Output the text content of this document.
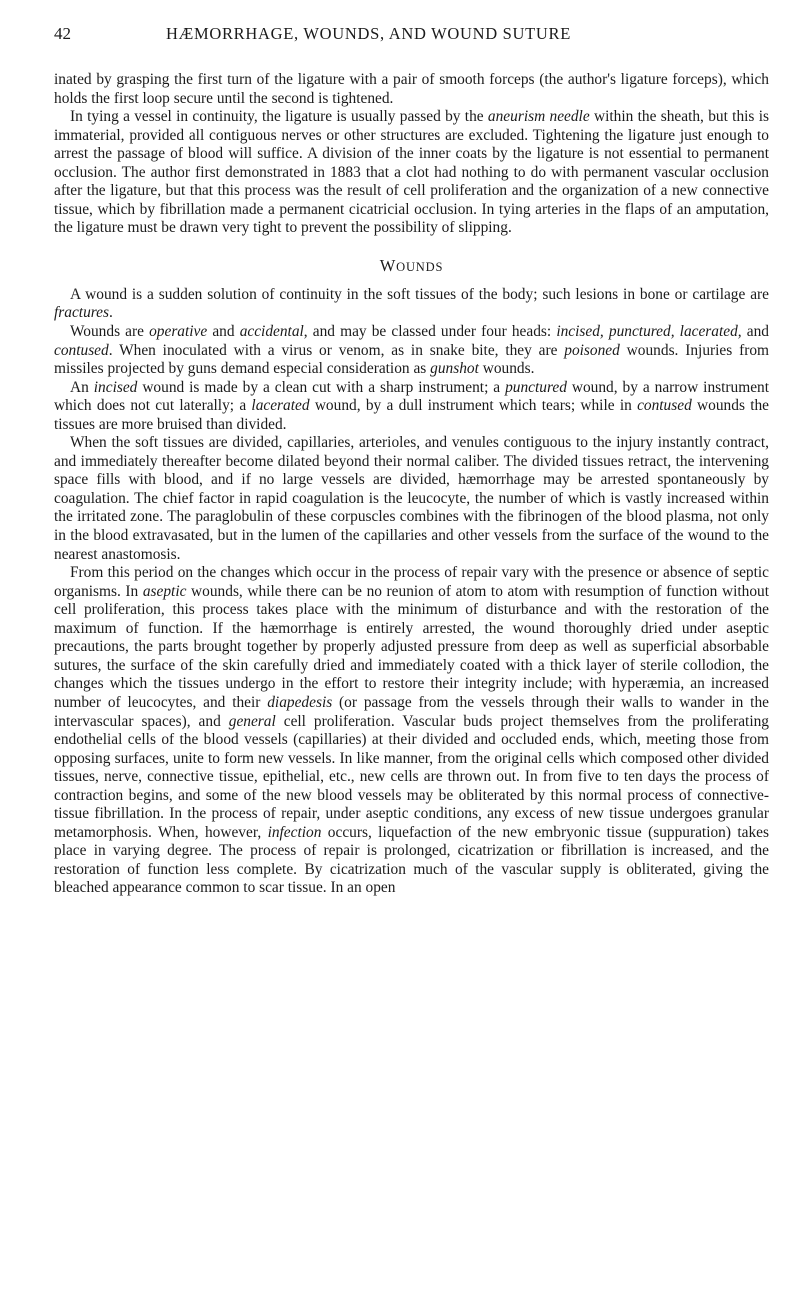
42	HÆMORRHAGE, WOUNDS, AND WOUND SUTURE

inated by grasping the first turn of the ligature with a pair of smooth forceps (the author's ligature forceps), which holds the first loop secure until the second is tightened.

In tying a vessel in continuity, the ligature is usually passed by the aneurism needle within the sheath, but this is immaterial, provided all contiguous nerves or other structures are excluded. Tightening the ligature just enough to arrest the passage of blood will suffice. A division of the inner coats by the ligature is not essential to permanent occlusion. The author first demonstrated in 1883 that a clot had nothing to do with permanent vascular occlusion after the ligature, but that this process was the result of cell proliferation and the organization of a new connective tissue, which by fibrillation made a permanent cicatricial occlusion. In tying arteries in the flaps of an amputation, the ligature must be drawn very tight to prevent the possibility of slipping.

WOUNDS

A wound is a sudden solution of continuity in the soft tissues of the body; such lesions in bone or cartilage are fractures.

Wounds are operative and accidental, and may be classed under four heads: incised, punctured, lacerated, and contused. When inoculated with a virus or venom, as in snake bite, they are poisoned wounds. Injuries from missiles projected by guns demand especial consideration as gunshot wounds.

An incised wound is made by a clean cut with a sharp instrument; a punctured wound, by a narrow instrument which does not cut laterally; a lacerated wound, by a dull instrument which tears; while in contused wounds the tissues are more bruised than divided.

When the soft tissues are divided, capillaries, arterioles, and venules contiguous to the injury instantly contract, and immediately thereafter become dilated beyond their normal caliber. The divided tissues retract, the intervening space fills with blood, and if no large vessels are divided, hæmorrhage may be arrested spontaneously by coagulation. The chief factor in rapid coagulation is the leucocyte, the number of which is vastly increased within the irritated zone. The paraglobulin of these corpuscles combines with the fibrinogen of the blood plasma, not only in the blood extravasated, but in the lumen of the capillaries and other vessels from the surface of the wound to the nearest anastomosis.

From this period on the changes which occur in the process of repair vary with the presence or absence of septic organisms. In aseptic wounds, while there can be no reunion of atom to atom with resumption of function without cell proliferation, this process takes place with the minimum of disturbance and with the restoration of the maximum of function. If the hæmorrhage is entirely arrested, the wound thoroughly dried under aseptic precautions, the parts brought together by properly adjusted pressure from deep as well as superficial absorbable sutures, the surface of the skin carefully dried and immediately coated with a thick layer of sterile collodion, the changes which the tissues undergo in the effort to restore their integrity include; with hyperæmia, an increased number of leucocytes, and their diapedesis (or passage from the vessels through their walls to wander in the intervascular spaces), and general cell proliferation. Vascular buds project themselves from the proliferating endothelial cells of the blood vessels (capillaries) at their divided and occluded ends, which, meeting those from opposing surfaces, unite to form new vessels. In like manner, from the original cells which composed other divided tissues, nerve, connective tissue, epithelial, etc., new cells are thrown out. In from five to ten days the process of contraction begins, and some of the new blood vessels may be obliterated by this normal process of connective-tissue fibrillation. In the process of repair, under aseptic conditions, any excess of new tissue undergoes granular metamorphosis. When, however, infection occurs, liquefaction of the new embryonic tissue (suppuration) takes place in varying degree. The process of repair is prolonged, cicatrization or fibrillation is increased, and the restoration of function less complete. By cicatrization much of the vascular supply is obliterated, giving the bleached appearance common to scar tissue. In an open
